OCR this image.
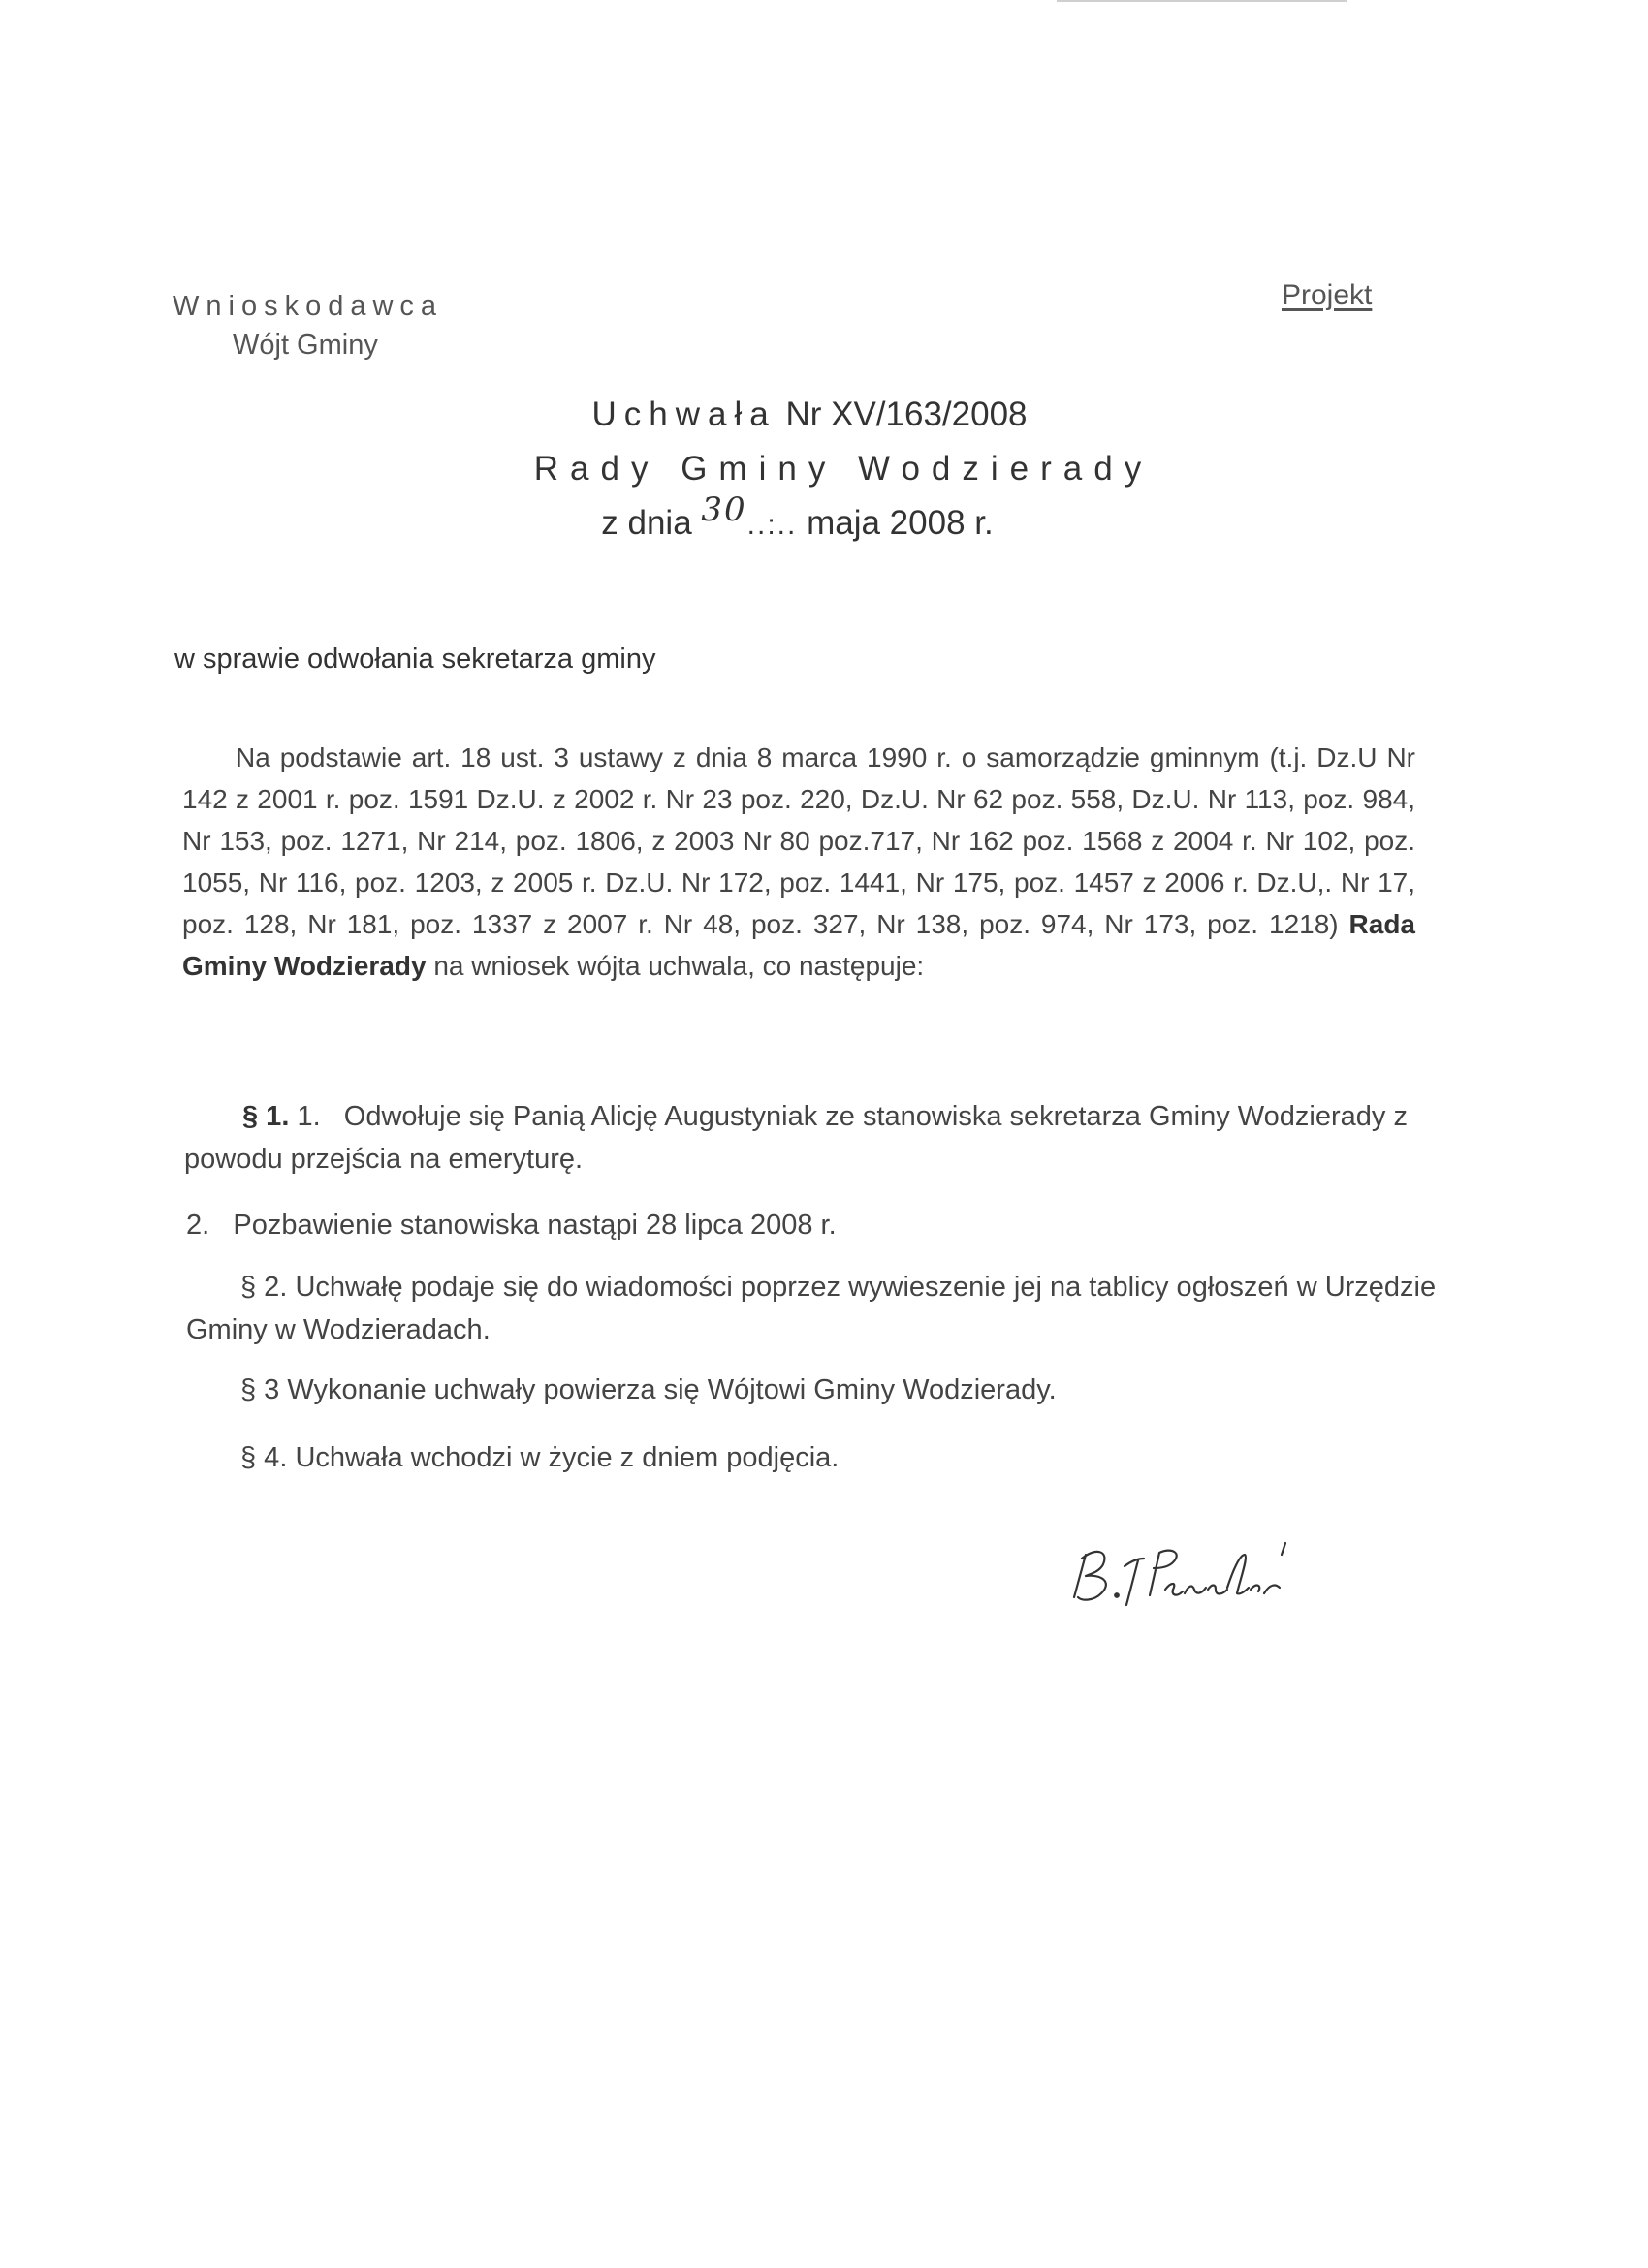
Wnioskodawca
Wójt Gminy
Projekt
Uchwała Nr XV/163/2008
Rady Gminy Wodzierady
z dnia 30..:.. maja 2008 r.
w sprawie odwołania sekretarza gminy
Na podstawie art. 18 ust. 3 ustawy z dnia 8 marca 1990 r. o samorządzie gminnym (t.j. Dz.U Nr 142 z 2001 r. poz. 1591 Dz.U. z 2002 r. Nr 23 poz. 220, Dz.U. Nr 62 poz. 558, Dz.U. Nr 113, poz. 984, Nr 153, poz. 1271, Nr 214, poz. 1806, z 2003 Nr 80 poz.717, Nr 162 poz. 1568 z 2004 r. Nr 102, poz. 1055, Nr 116, poz. 1203, z 2005 r. Dz.U. Nr 172, poz. 1441, Nr 175, poz. 1457 z 2006 r. Dz.U,. Nr 17, poz. 128, Nr 181, poz. 1337 z 2007 r. Nr 48, poz. 327, Nr 138, poz. 974, Nr 173, poz. 1218) Rada Gminy Wodzierady na wniosek wójta uchwala, co następuje:
§ 1. 1. Odwołuje się Panią Alicję Augustyniak ze stanowiska sekretarza Gminy Wodzierady z powodu przejścia na emeryturę.
2. Pozbawienie stanowiska nastąpi 28 lipca 2008 r.
§ 2. Uchwałę podaje się do wiadomości poprzez wywieszenie jej na tablicy ogłoszeń w Urzędzie Gminy w Wodzieradach.
§ 3 Wykonanie uchwały powierza się Wójtowi Gminy Wodzierady.
§ 4. Uchwała wchodzi w życie z dniem podjęcia.
